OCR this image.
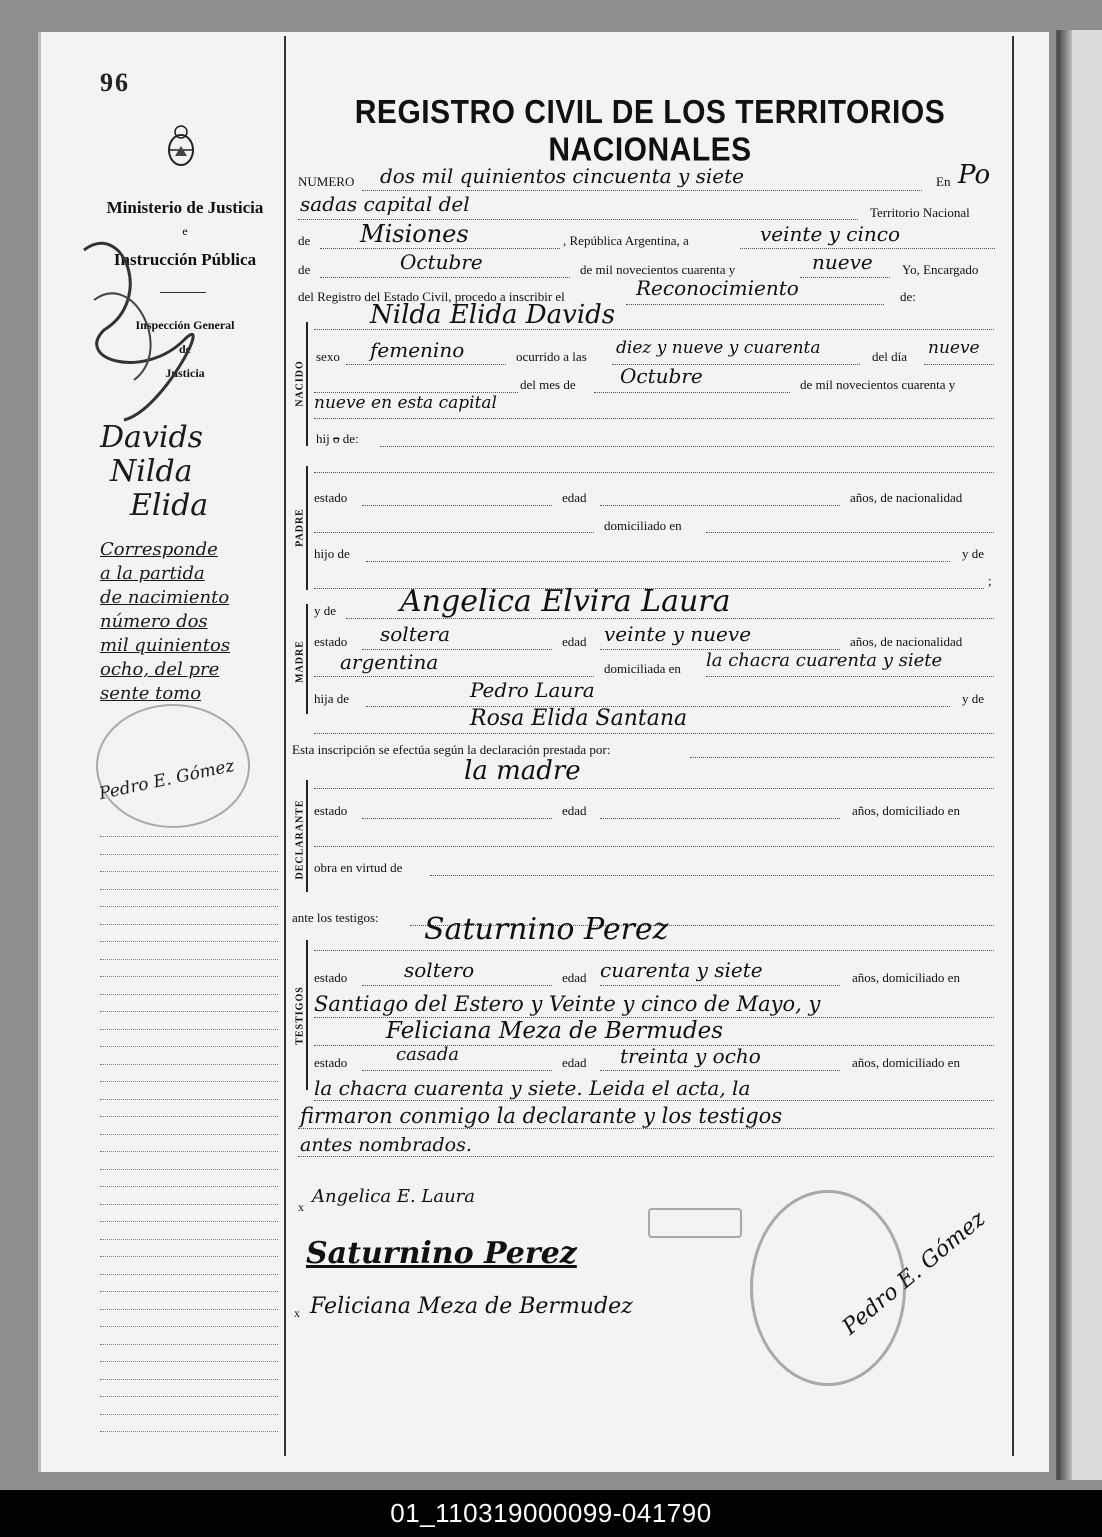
96
Ministerio de Justicia
e
Instrucción Pública
Inspección General
de
Justicia
Davids
Nilda
Elida
Corresponde
a la partida
de nacimiento
número dos
mil quinientos
ocho, del pre
sente tomo
Pedro E. Gómez
REGISTRO CIVIL DE LOS TERRITORIOS NACIONALES
NUMERO dos mil quinientos cincuenta y siete	En Po
sadas capital del	Territorio Nacional
de Misiones	, República Argentina, a	veinte y cinco
de	Octubre	de mil novecientos cuarenta y	nueve Yo, Encargado
del Registro del Estado Civil, procedo a inscribir el	Reconocimiento	de:
NACIDO
Nilda Elida Davids
sexo femenino	ocurrido a las diez y nueve y cuarenta	del día nueve
del mes de Octubre	de mil novecientos cuarenta y
nueve en esta capital
hij o de:
PADRE
estado	edad	años, de nacionalidad
domiciliado en
hijo de	y de
;
MADRE
y de Angelica Elvira Laura
estado soltera	edad veinte y nueve	años, de nacionalidad
argentina	domiciliada en la chacra cuarenta y siete
hija de	Pedro Laura	y de
Rosa Elida Santana
Esta inscripción se efectúa según la declaración prestada por:
la madre
DECLARANTE estado	edad	años, domiciliado en
obra en virtud de
ante los testigos:
TESTIGOS
Saturnino Perez
estado	soltero	edad cuarenta y siete	años, domiciliado en
Santiago del Estero y Veinte y cinco de Mayo, y
Feliciana Meza de Bermudes
estado	casada	edad treinta y ocho	años, domiciliado en
la chacra cuarenta y siete. Leida el acta, la
firmaron conmigo la declarante y los testigos
antes nombrados.
x Angelica E. Laura
Saturnino Perez
x Feliciana Meza de Bermudez	Pedro E. Gómez
01_110319000099-041790
